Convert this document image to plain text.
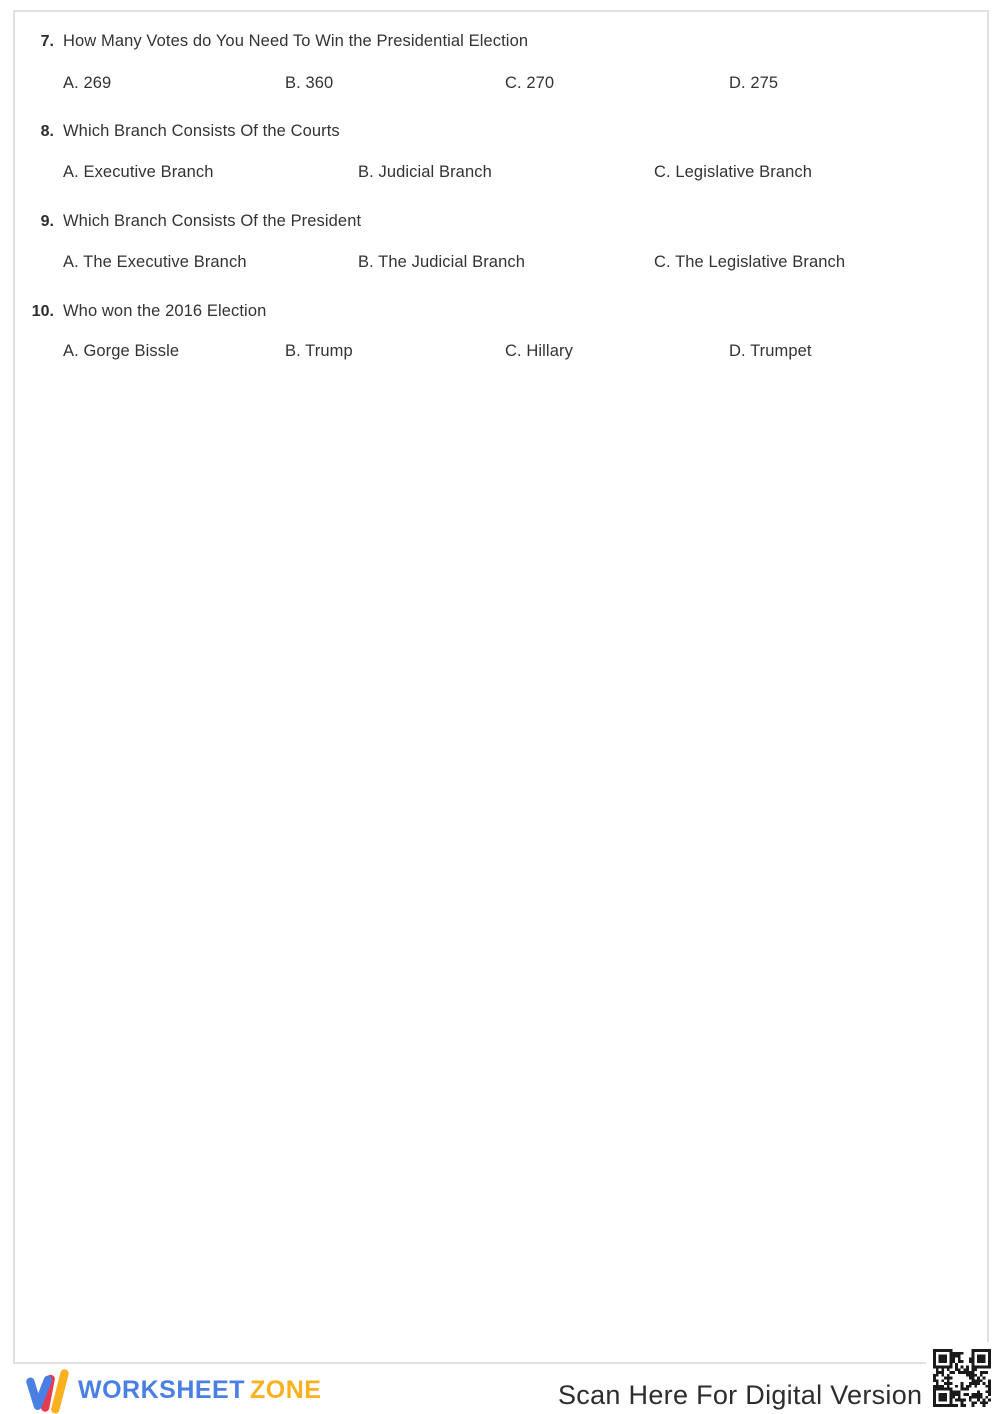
7. How Many Votes do You Need To Win the Presidential Election
A. 269	B. 360	C. 270	D. 275
8. Which Branch Consists Of the Courts
A. Executive Branch	B. Judicial Branch	C. Legislative Branch
9. Which Branch Consists Of the President
A. The Executive Branch	B. The Judicial Branch	C. The Legislative Branch
10. Who won the 2016 Election
A. Gorge Bissle	B. Trump	C. Hillary	D. Trumpet
WORKSHEET ZONE	Scan Here For Digital Version
